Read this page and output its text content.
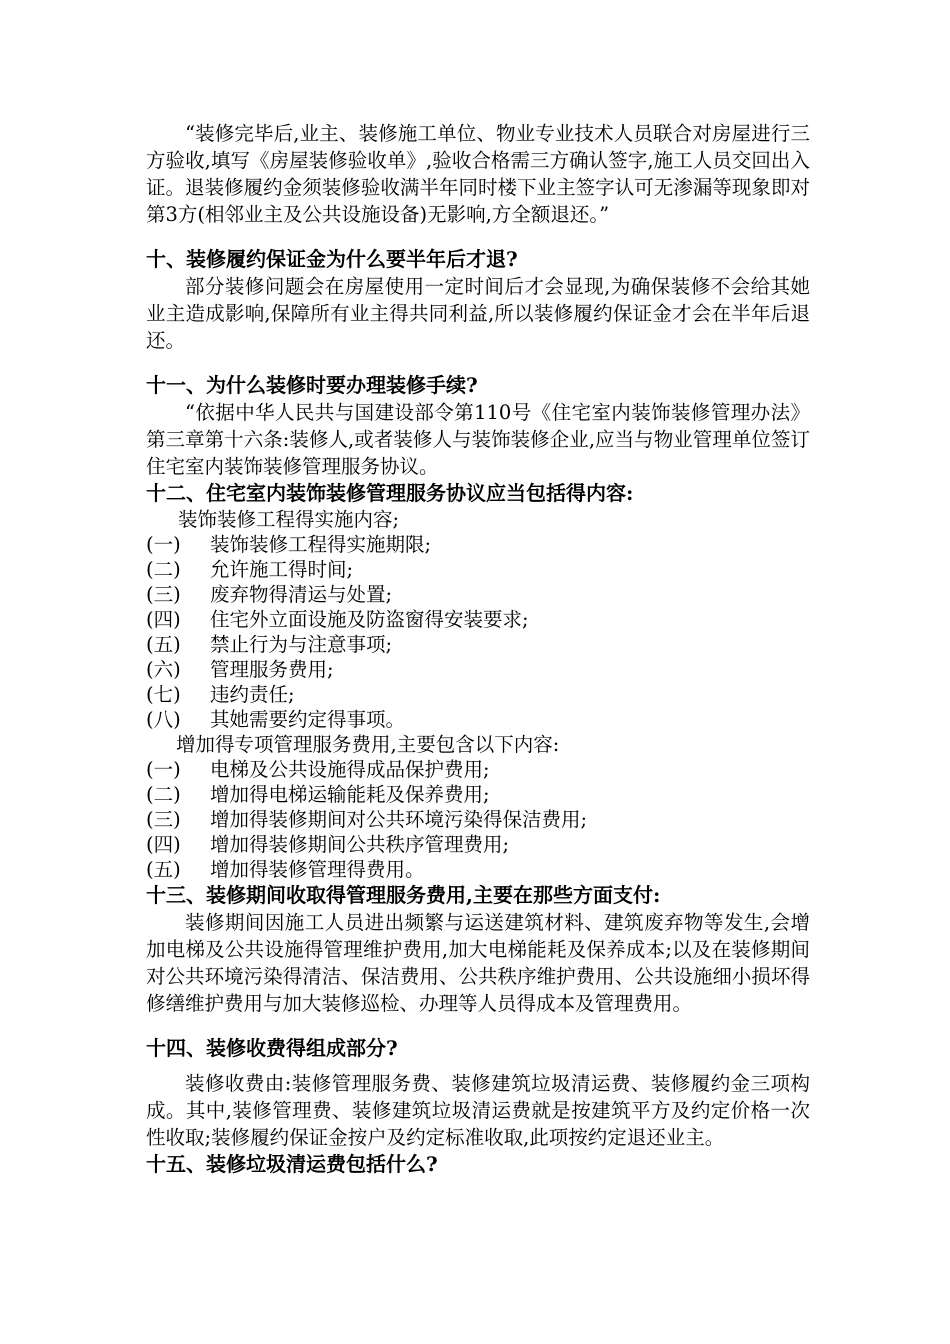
“装修完毕后,业主、装修施工单位、物业专业技术人员联合对房屋进行三方验收,填写《房屋装修验收单》,验收合格需三方确认签字,施工人员交回出入证。退装修履约金须装修验收满半年同时楼下业主签字认可无渗漏等现象即对第3方(相邻业主及公共设施设备)无影响,方全额退还。”

十、装修履约保证金为什么要半年后才退?

部分装修问题会在房屋使用一定时间后才会显现,为确保装修不会给其她业主造成影响,保障所有业主得共同利益,所以装修履约保证金才会在半年后退还。

十一、为什么装修时要办理装修手续?

“依据中华人民共与国建设部令第110号《住宅室内装饰装修管理办法》第三章第十六条:装修人,或者装修人与装饰装修企业,应当与物业管理单位签订住宅室内装饰装修管理服务协议。

十二、住宅室内装饰装修管理服务协议应当包括得内容:

装饰装修工程得实施内容;

(一)	装饰装修工程得实施期限;
(二)	允许施工得时间;
(三)	废弃物得清运与处置;
(四)	住宅外立面设施及防盗窗得安装要求;
(五)	禁止行为与注意事项;
(六)	管理服务费用;
(七)	违约责任;
(八)	其她需要约定得事项。

增加得专项管理服务费用,主要包含以下内容:

(一)	电梯及公共设施得成品保护费用;
(二)	增加得电梯运输能耗及保养费用;
(三)	增加得装修期间对公共环境污染得保洁费用;
(四)	增加得装修期间公共秩序管理费用;
(五)	增加得装修管理得费用。
十三、装修期间收取得管理服务费用,主要在那些方面支付:

装修期间因施工人员进出频繁与运送建筑材料、建筑废弃物等发生,会增加电梯及公共设施得管理维护费用,加大电梯能耗及保养成本;以及在装修期间对公共环境污染得清洁、保洁费用、公共秩序维护费用、公共设施细小损坏得修缮维护费用与加大装修巡检、办理等人员得成本及管理费用。

十四、装修收费得组成部分?

装修收费由:装修管理服务费、装修建筑垃圾清运费、装修履约金三项构成。其中,装修管理费、装修建筑垃圾清运费就是按建筑平方及约定价格一次性收取;装修履约保证金按户及约定标准收取,此项按约定退还业主。

十五、装修垃圾清运费包括什么?
